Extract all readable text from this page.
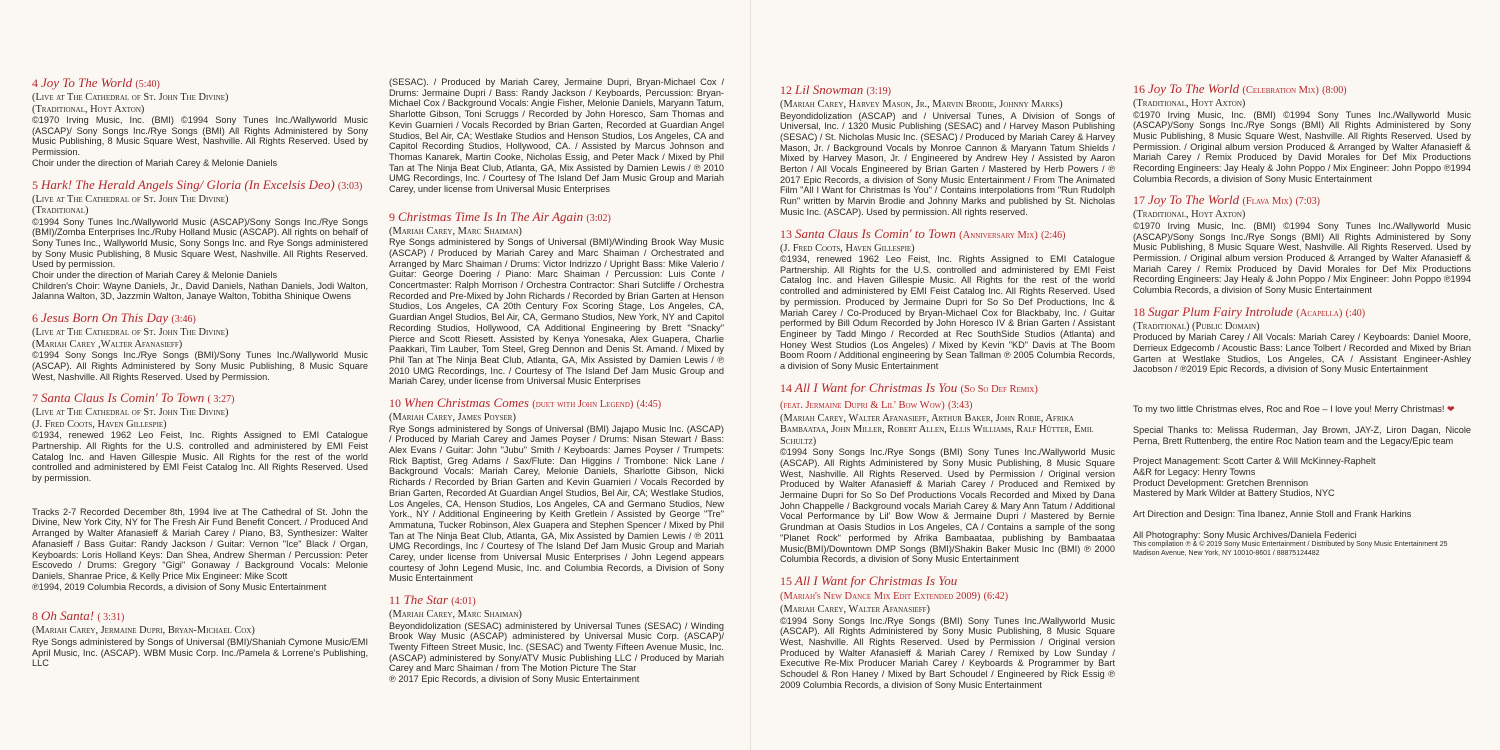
4 Joy To The World (5:40)
(Live at The Cathedral of St. John The Divine)
(Traditional, Hoyt Axton)
©1970 Irving Music, Inc. (BMI) ©1994 Sony Tunes Inc./Wallyworld Music (ASCAP)/ Sony Songs Inc./Rye Songs (BMI) All Rights Administered by Sony Music Publishing, 8 Music Square West, Nashville. All Rights Reserved. Used by Permission.
Choir under the direction of Mariah Carey & Melonie Daniels
5 Hark! The Herald Angels Sing/ Gloria (In Excelsis Deo) (3:03)
(Live at The Cathedral of St. John The Divine)
(Traditional)
©1994 Sony Tunes Inc./Wallyworld Music (ASCAP)/Sony Songs Inc./Rye Songs (BMI)/Zomba Enterprises Inc./Ruby Holland Music (ASCAP). All rights on behalf of Sony Tunes Inc., Wallyworld Music, Sony Songs Inc. and Rye Songs administered by Sony Music Publishing, 8 Music Square West, Nashville. All Rights Reserved. Used by permission.
Choir under the direction of Mariah Carey & Melonie Daniels
Children's Choir: Wayne Daniels, Jr., David Daniels, Nathan Daniels, Jodi Walton, Jalanna Walton, 3D, Jazzmin Walton, Janaye Walton, Tobitha Shinique Owens
6 Jesus Born On This Day (3:46)
(Live at The Cathedral of St. John The Divine)
(Mariah Carey ,Walter Afanasieff)
©1994 Sony Songs Inc./Rye Songs (BMI)/Sony Tunes Inc./Wallyworld Music (ASCAP). All Rights Administered by Sony Music Publishing, 8 Music Square West, Nashville. All Rights Reserved. Used by Permission.
7 Santa Claus Is Comin' To Town ( 3:27)
(Live at The Cathedral of St. John The Divine)
(J. Fred Coots, Haven Gillespie)
©1934, renewed 1962 Leo Feist, Inc. Rights Assigned to EMI Catalogue Partnership. All Rights for the U.S. controlled and administered by EMI Feist Catalog Inc. and Haven Gillespie Music. All Rights for the rest of the world controlled and administered by EMI Feist Catalog Inc. All Rights Reserved. Used by permission.
Tracks 2-7 Recorded December 8th, 1994 live at The Cathedral of St. John the Divine, New York City, NY for The Fresh Air Fund Benefit Concert. / Produced And Arranged by Walter Afanasieff & Mariah Carey / Piano, B3, Synthesizer: Walter Afanasieff / Bass Guitar: Randy Jackson / Guitar: Vernon "Ice" Black / Organ, Keyboards: Loris Holland Keys: Dan Shea, Andrew Sherman / Percussion: Peter Escovedo / Drums: Gregory "Gigi" Gonaway / Background Vocals: Melonie Daniels, Shanrae Price, & Kelly Price Mix Engineer: Mike Scott
℗1994, 2019 Columbia Records, a division of Sony Music Entertainment
8 Oh Santa! ( 3:31)
(Mariah Carey, Jermaine Dupri, Bryan-Michael Cox)
Rye Songs administered by Songs of Universal (BMI)/Shaniah Cymone Music/EMI April Music, Inc. (ASCAP). WBM Music Corp. Inc./Pamela & Lorrene's Publishing, LLC
(SESAC). / Produced by Mariah Carey, Jermaine Dupri, Bryan-Michael Cox / Drums: Jermaine Dupri / Bass: Randy Jackson / Keyboards, Percussion: Bryan-Michael Cox / Background Vocals: Angie Fisher, Melonie Daniels, Maryann Tatum, Sharlotte Gibson, Toni Scruggs / Recorded by John Horesco, Sam Thomas and Kevin Guarnieri / Vocals Recorded by Brian Garten, Recorded at Guardian Angel Studios, Bel Air, CA; Westlake Studios and Henson Studios, Los Angeles, CA and Capitol Recording Studios, Hollywood, CA. / Assisted by Marcus Johnson and Thomas Kanarek, Martin Cooke, Nicholas Essig, and Peter Mack / Mixed by Phil Tan at The Ninja Beat Club, Atlanta, GA, Mix Assisted by Damien Lewis / ℗ 2010 UMG Recordings, Inc. / Courtesy of The Island Def Jam Music Group and Mariah Carey, under license from Universal Music Enterprises
9 Christmas Time Is In The Air Again (3:02)
(Mariah Carey, Marc Shaiman)
Rye Songs administered by Songs of Universal (BMI)/Winding Brook Way Music (ASCAP) / Produced by Mariah Carey and Marc Shaiman / Orchestrated and Arranged by Marc Shaiman / Drums: Victor Indrizzo / Upright Bass: Mike Valerio / Guitar: George Doering / Piano: Marc Shaiman / Percussion: Luis Conte / Concertmaster: Ralph Morrison / Orchestra Contractor: Shari Sutcliffe / Orchestra Recorded and Pre-Mixed by John Richards / Recorded by Brian Garten at Henson Studios, Los Angeles, CA 20th Century Fox Scoring Stage, Los Angeles, CA, Guardian Angel Studios, Bel Air, CA, Germano Studios, New York, NY and Capitol Recording Studios, Hollywood, CA Additional Engineering by Brett "Snacky" Pierce and Scott Riesett. Assisted by Kenya Yonesaka, Alex Guapera, Charlie Paakkari, Tim Lauber, Tom Steel, Greg Dennon and Denis St. Amand. / Mixed by Phil Tan at The Ninja Beat Club, Atlanta, GA, Mix Assisted by Damien Lewis / ℗ 2010 UMG Recordings, Inc. / Courtesy of The Island Def Jam Music Group and Mariah Carey, under license from Universal Music Enterprises
10 When Christmas Comes (duet with John Legend) (4:45)
(Mariah Carey, James Poyser)
Rye Songs administered by Songs of Universal (BMI) Jajapo Music Inc. (ASCAP) / Produced by Mariah Carey and James Poyser / Drums: Nisan Stewart / Bass: Alex Evans / Guitar: John "Jubu" Smith / Keyboards: James Poyser / Trumpets: Rick Baptist, Greg Adams / Sax/Flute: Dan Higgins / Trombone: Nick Lane / Background Vocals: Mariah Carey, Melonie Daniels, Sharlotte Gibson, Nicki Richards / Recorded by Brian Garten and Kevin Guarnieri / Vocals Recorded by Brian Garten, Recorded At Guardian Angel Studios, Bel Air, CA; Westlake Studios, Los Angeles, CA, Henson Studios, Los Angeles, CA and Germano Studios, New York., NY / Additional Engineering by Keith Gretlein / Assisted by George "Tre" Ammatuna, Tucker Robinson, Alex Guapera and Stephen Spencer / Mixed by Phil Tan at The Ninja Beat Club, Atlanta, GA, Mix Assisted by Damien Lewis / ℗ 2011 UMG Recordings, Inc / Courtesy of The Island Def Jam Music Group and Mariah Carey, under license from Universal Music Enterprises / John Legend appears courtesy of John Legend Music, Inc. and Columbia Records, a Division of Sony Music Entertainment
11 The Star (4:01)
(Mariah Carey, Marc Shaiman)
Beyondidolization (SESAC) administered by Universal Tunes (SESAC) / Winding Brook Way Music (ASCAP) administered by Universal Music Corp. (ASCAP)/ Twenty Fifteen Street Music, Inc. (SESAC) and Twenty Fifteen Avenue Music, Inc. (ASCAP) administered by Sony/ATV Music Publishing LLC / Produced by Mariah Carey and Marc Shaiman / from The Motion Picture The Star
℗ 2017 Epic Records, a division of Sony Music Entertainment
12 Lil Snowman (3:19)
(Mariah Carey, Harvey Mason, Jr., Marvin Brodie, Johnny Marks)
Beyondidolization (ASCAP) and / Universal Tunes, A Division of Songs of Universal, Inc. / 1320 Music Publishing (SESAC) and / Harvey Mason Publishing (SESAC) / St. Nicholas Music Inc. (SESAC) / Produced by Mariah Carey & Harvey Mason, Jr. / Background Vocals by Monroe Cannon & Maryann Tatum Shields / Mixed by Harvey Mason, Jr. / Engineered by Andrew Hey / Assisted by Aaron Berton / All Vocals Engineered by Brian Garten / Mastered by Herb Powers / ℗ 2017 Epic Records, a division of Sony Music Entertainment / From The Animated Film "All I Want for Christmas Is You" / Contains interpolations from "Run Rudolph Run" written by Marvin Brodie and Johnny Marks and published by St. Nicholas Music Inc. (ASCAP). Used by permission. All rights reserved.
13 Santa Claus Is Comin' to Town (Anniversary Mix) (2:46)
(J. Fred Coots, Haven Gillespie)
©1934, renewed 1962 Leo Feist, Inc. Rights Assigned to EMI Catalogue Partnership. All Rights for the U.S. controlled and administered by EMI Feist Catalog Inc. and Haven Gillespie Music. All Rights for the rest of the world controlled and administered by EMI Feist Catalog Inc. All Rights Reserved. Used by permission. Produced by Jermaine Dupri for So So Def Productions, Inc & Mariah Carey / Co-Produced by Bryan-Michael Cox for Blackbaby, Inc. / Guitar performed by Bill Odum Recorded by John Horesco IV & Brian Garten / Assistant Engineer by Tadd Mingo / Recorded at Rec SouthSide Studios (Atlanta) and Honey West Studios (Los Angeles) / Mixed by Kevin "KD" Davis at The Boom Boom Room / Additional engineering by Sean Tallman ℗ 2005 Columbia Records, a division of Sony Music Entertainment
14 All I Want for Christmas Is You (So So Def Remix)
(feat. Jermaine Dupri & Lil' Bow Wow) (3:43)
(Mariah Carey, Walter Afanasieff, Arthur Baker, John Robie, Afrika Bambaataa, John Miller, Robert Allen, Ellis Williams, Ralf Hütter, Emil Schultz)
©1994 Sony Songs Inc./Rye Songs (BMI) Sony Tunes Inc./Wallyworld Music (ASCAP). All Rights Administered by Sony Music Publishing, 8 Music Square West, Nashville. All Rights Reserved. Used by Permission / Original version Produced by Walter Afanasieff & Mariah Carey / Produced and Remixed by Jermaine Dupri for So So Def Productions Vocals Recorded and Mixed by Dana John Chappelle / Background vocals Mariah Carey & Mary Ann Tatum / Additional Vocal Performance by Lil' Bow Wow & Jermaine Dupri / Mastered by Bernie Grundman at Oasis Studios in Los Angeles, CA / Contains a sample of the song "Planet Rock" performed by Afrika Bambaataa, publishing by Bambaataa Music(BMI)/Downtown DMP Songs (BMI)/Shakin Baker Music Inc (BMI) ℗ 2000 Columbia Records, a division of Sony Music Entertainment
15 All I Want for Christmas Is You
(Mariah's New Dance Mix Edit Extended 2009) (6:42)
(Mariah Carey, Walter Afanasieff)
©1994 Sony Songs Inc./Rye Songs (BMI) Sony Tunes Inc./Wallyworld Music (ASCAP). All Rights Administered by Sony Music Publishing, 8 Music Square West, Nashville. All Rights Reserved. Used by Permission / Original version Produced by Walter Afanasieff & Mariah Carey / Remixed by Low Sunday / Executive Re-Mix Producer Mariah Carey / Keyboards & Programmer by Bart Schoudel & Ron Haney / Mixed by Bart Schoudel / Engineered by Rick Essig ℗ 2009 Columbia Records, a division of Sony Music Entertainment
16 Joy To The World (Celebration Mix) (8:00)
(Traditional, Hoyt Axton)
©1970 Irving Music, Inc. (BMI) ©1994 Sony Tunes Inc./Wallyworld Music (ASCAP)/Sony Songs Inc./Rye Songs (BMI) All Rights Administered by Sony Music Publishing, 8 Music Square West, Nashville. All Rights Reserved. Used by Permission. / Original album version Produced & Arranged by Walter Afanasieff & Mariah Carey / Remix Produced by David Morales for Def Mix Productions Recording Engineers: Jay Healy & John Poppo / Mix Engineer: John Poppo ℗1994 Columbia Records, a division of Sony Music Entertainment
17 Joy To The World (Flava Mix) (7:03)
(Traditional, Hoyt Axton)
©1970 Irving Music, Inc. (BMI) ©1994 Sony Tunes Inc./Wallyworld Music (ASCAP)/Sony Songs Inc./Rye Songs (BMI) All Rights Administered by Sony Music Publishing, 8 Music Square West, Nashville. All Rights Reserved. Used by Permission. / Original album version Produced & Arranged by Walter Afanasieff & Mariah Carey / Remix Produced by David Morales for Def Mix Productions Recording Engineers: Jay Healy & John Poppo / Mix Engineer: John Poppo ℗1994 Columbia Records, a division of Sony Music Entertainment
18 Sugar Plum Fairy Introlude (Acapella) (:40)
(Traditional) (Public Domain)
Produced by Mariah Carey / All Vocals: Mariah Carey / Keyboards: Daniel Moore, Derrieux Edgecomb / Acoustic Bass: Lance Tolbert / Recorded and Mixed by Brian Garten at Westlake Studios, Los Angeles, CA / Assistant Engineer-Ashley Jacobson / ℗2019 Epic Records, a division of Sony Music Entertainment

To my two little Christmas elves, Roc and Roe – I love you! Merry Christmas! ❤

Special Thanks to: Melissa Ruderman, Jay Brown, JAY-Z, Liron Dagan, Nicole Perna, Brett Ruttenberg, the entire Roc Nation team and the Legacy/Epic team

Project Management: Scott Carter & Will McKinney-Raphelt

A&R for Legacy: Henry Towns

Product Development: Gretchen Brennison

Mastered by Mark Wilder at Battery Studios, NYC

Art Direction and Design: Tina Ibanez, Annie Stoll and Frank Harkins

All Photography: Sony Music Archives/Daniela Federici

This compilation ℗ & © 2019 Sony Music Entertainment / Distributed by Sony Music Entertainment 25 Madison Avenue, New York, NY 10010-8601 / 88875124482
